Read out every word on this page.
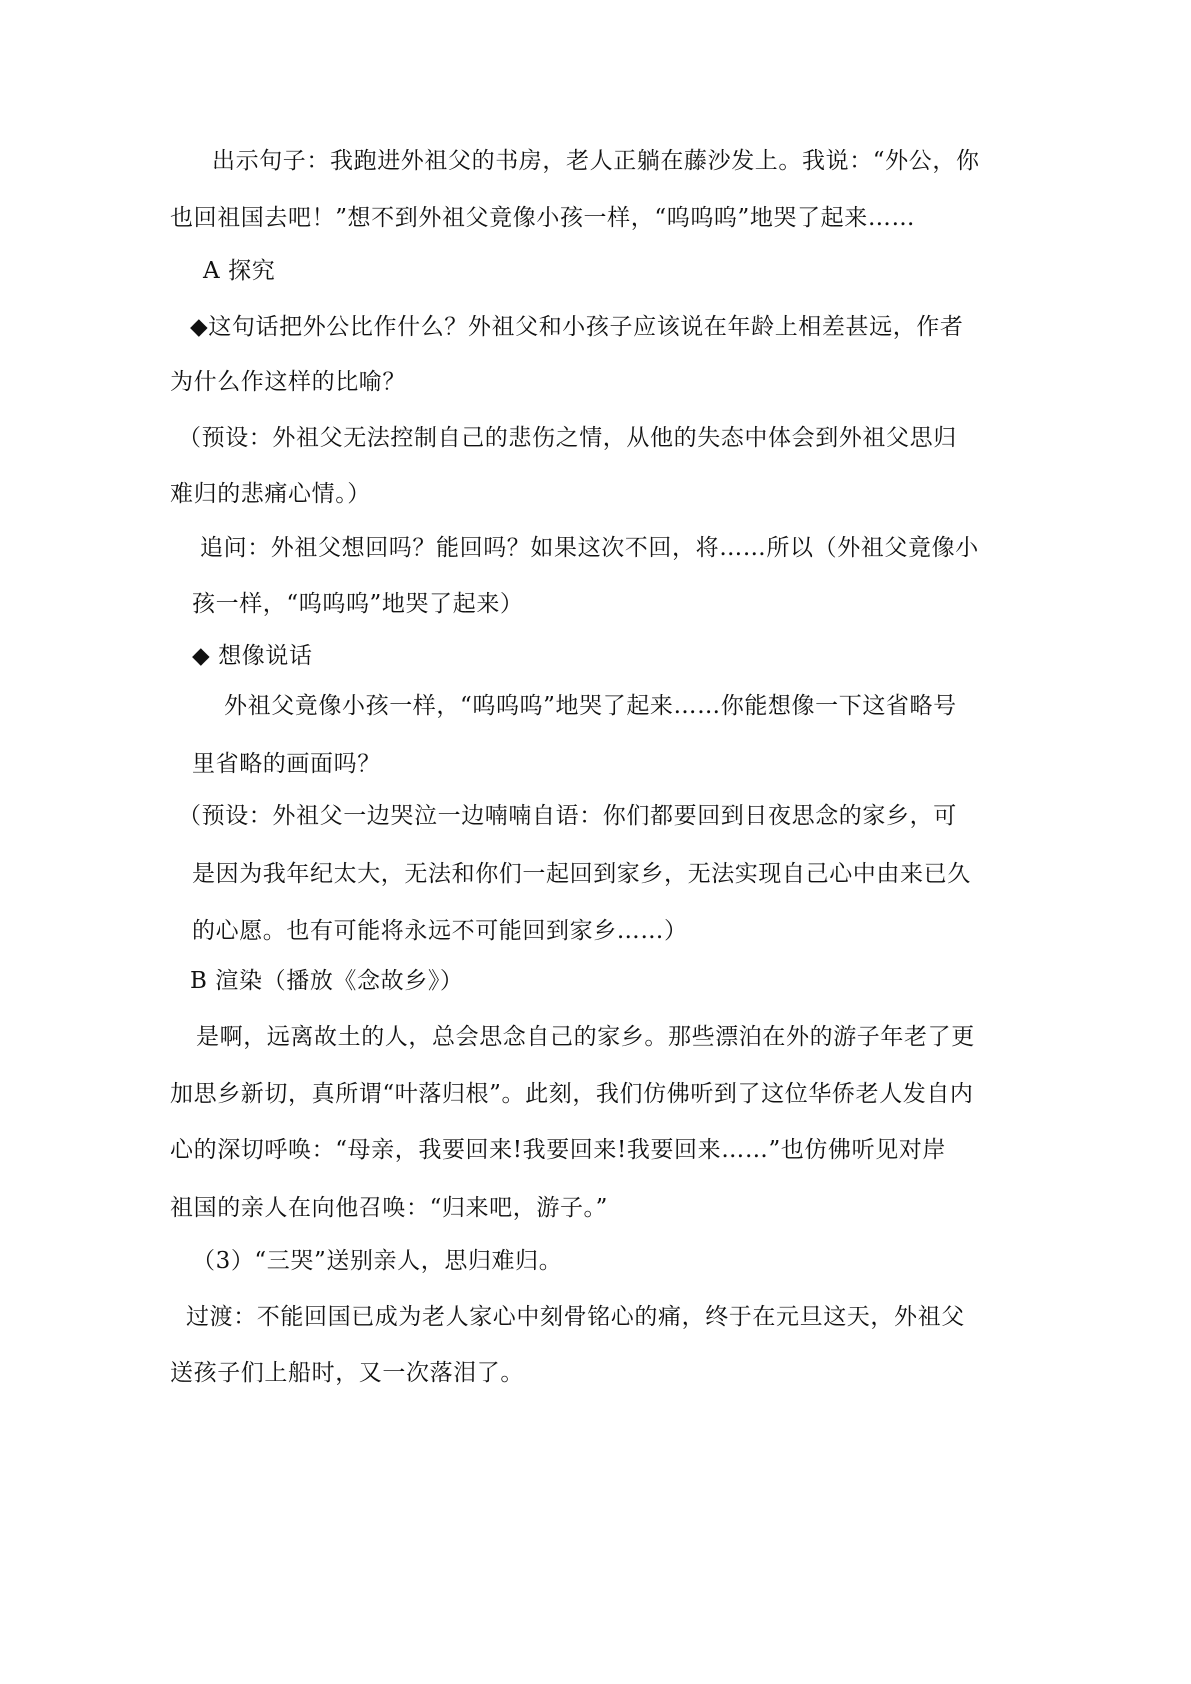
出示句子：我跑进外祖父的书房，老人正躺在藤沙发上。我说：“外公，你
也回祖国去吧！”想不到外祖父竟像小孩一样，“呜呜呜”地哭了起来……
A 探究
◆这句话把外公比作什么？外祖父和小孩子应该说在年龄上相差甚远，作者
为什么作这样的比喻？
（预设：外祖父无法控制自己的悲伤之情，从他的失态中体会到外祖父思归
难归的悲痛心情。）
追问：外祖父想回吗？能回吗？如果这次不回，将……所以（外祖父竟像小
孩一样，“呜呜呜”地哭了起来）
◆ 想像说话
外祖父竟像小孩一样，“呜呜呜”地哭了起来……你能想像一下这省略号
里省略的画面吗？
（预设：外祖父一边哭泣一边喃喃自语：你们都要回到日夜思念的家乡，可
是因为我年纪太大，无法和你们一起回到家乡，无法实现自己心中由来已久
的心愿。也有可能将永远不可能回到家乡……）
B 渲染（播放《念故乡》）
是啊，远离故土的人，总会思念自己的家乡。那些漂泊在外的游子年老了更
加思乡新切，真所谓“叶落归根”。此刻，我们仿佛听到了这位华侨老人发自内
心的深切呼唤：“母亲，我要回来!我要回来!我要回来……”也仿佛听见对岸
祖国的亲人在向他召唤：“归来吧，游子。”
（3）“三哭”送别亲人，思归难归。
过渡：不能回国已成为老人家心中刻骨铭心的痛，终于在元旦这天，外祖父
送孩子们上船时，又一次落泪了。
